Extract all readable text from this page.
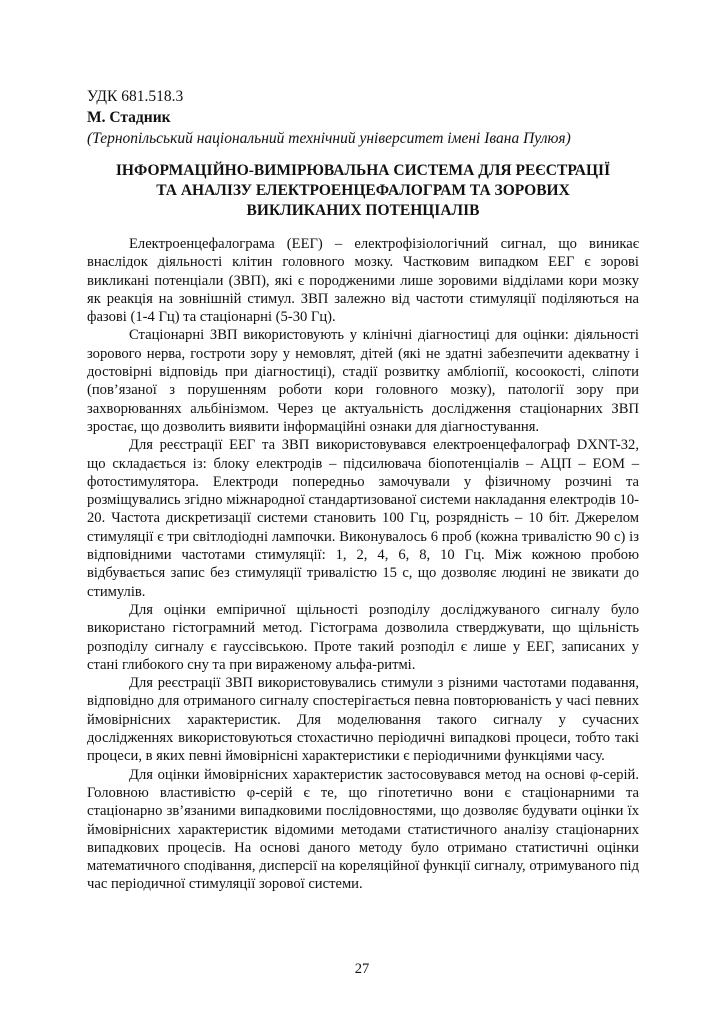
УДК 681.518.3

М. Стадник

(Тернопільський національний технічний університет імені Івана Пулюя)

ІНФОРМАЦІЙНО-ВИМІРЮВАЛЬНА СИСТЕМА ДЛЯ РЕЄСТРАЦІЇ
ТА АНАЛІЗУ ЕЛЕКТРОЕНЦЕФАЛОГРАМ ТА ЗОРОВИХ
ВИКЛИКАНИХ ПОТЕНЦІАЛІВ

Електроенцефалограма (ЕЕГ) – електрофізіологічний сигнал, що виникає внаслідок діяльності клітин головного мозку. Частковим випадком ЕЕГ є зорові викликані потенціали (ЗВП), які є породженими лише зоровими відділами кори мозку як реакція на зовнішній стимул. ЗВП залежно від частоти стимуляції поділяються на фазові (1-4 Гц) та стаціонарні (5-30 Гц).

Стаціонарні ЗВП використовують у клінічні діагностиці для оцінки: діяльності зорового нерва, гостроти зору у немовлят, дітей (які не здатні забезпечити адекватну і достовірні відповідь при діагностиці), стадії розвитку амбліопії, косоокості, сліпоти (пов’язаної з порушенням роботи кори головного мозку), патології зору при захворюваннях альбінізмом. Через це актуальність дослідження стаціонарних ЗВП зростає, що дозволить виявити інформаційні ознаки для діагностування.

Для реєстрації ЕЕГ та ЗВП використовувався електроенцефалограф DXNT-32, що складається із: блоку електродів – підсилювача біопотенціалів – АЦП – ЕОМ – фотостимулятора. Електроди попередньо замочували у фізичному розчині та розміщувались згідно міжнародної стандартизованої системи накладання електродів 10-20. Частота дискретизації системи становить 100 Гц, розрядність – 10 біт. Джерелом стимуляції є три світлодіодні лампочки. Виконувалось 6 проб (кожна тривалістю 90 с) із відповідними частотами стимуляції: 1, 2, 4, 6, 8, 10 Гц. Між кожною пробою відбувається запис без стимуляції тривалістю 15 с, що дозволяє людині не звикати до стимулів.

Для оцінки емпіричної щільності розподілу досліджуваного сигналу було використано гістограмний метод. Гістограма дозволила стверджувати, що щільність розподілу сигналу є гауссівською. Проте такий розподіл є лише у ЕЕГ, записаних у стані глибокого сну та при вираженому альфа-ритмі.

Для реєстрації ЗВП використовувались стимули з різними частотами подавання, відповідно для отриманого сигналу спостерігається певна повторюваність у часі певних ймовірнісних характеристик. Для моделювання такого сигналу у сучасних дослідженнях використовуються стохастично періодичні випадкові процеси, тобто такі процеси, в яких певні ймовірнісні характеристики є періодичними функціями часу.

Для оцінки ймовірнісних характеристик застосовувався метод на основі φ-серій. Головною властивістю φ-серій є те, що гіпотетично вони є стаціонарними та стаціонарно зв’язаними випадковими послідовностями, що дозволяє будувати оцінки їх ймовірнісних характеристик відомими методами статистичного аналізу стаціонарних випадкових процесів. На основі даного методу було отримано статистичні оцінки математичного сподівання, дисперсії на кореляційної функції сигналу, отримуваного під час періодичної стимуляції зорової системи.

27
